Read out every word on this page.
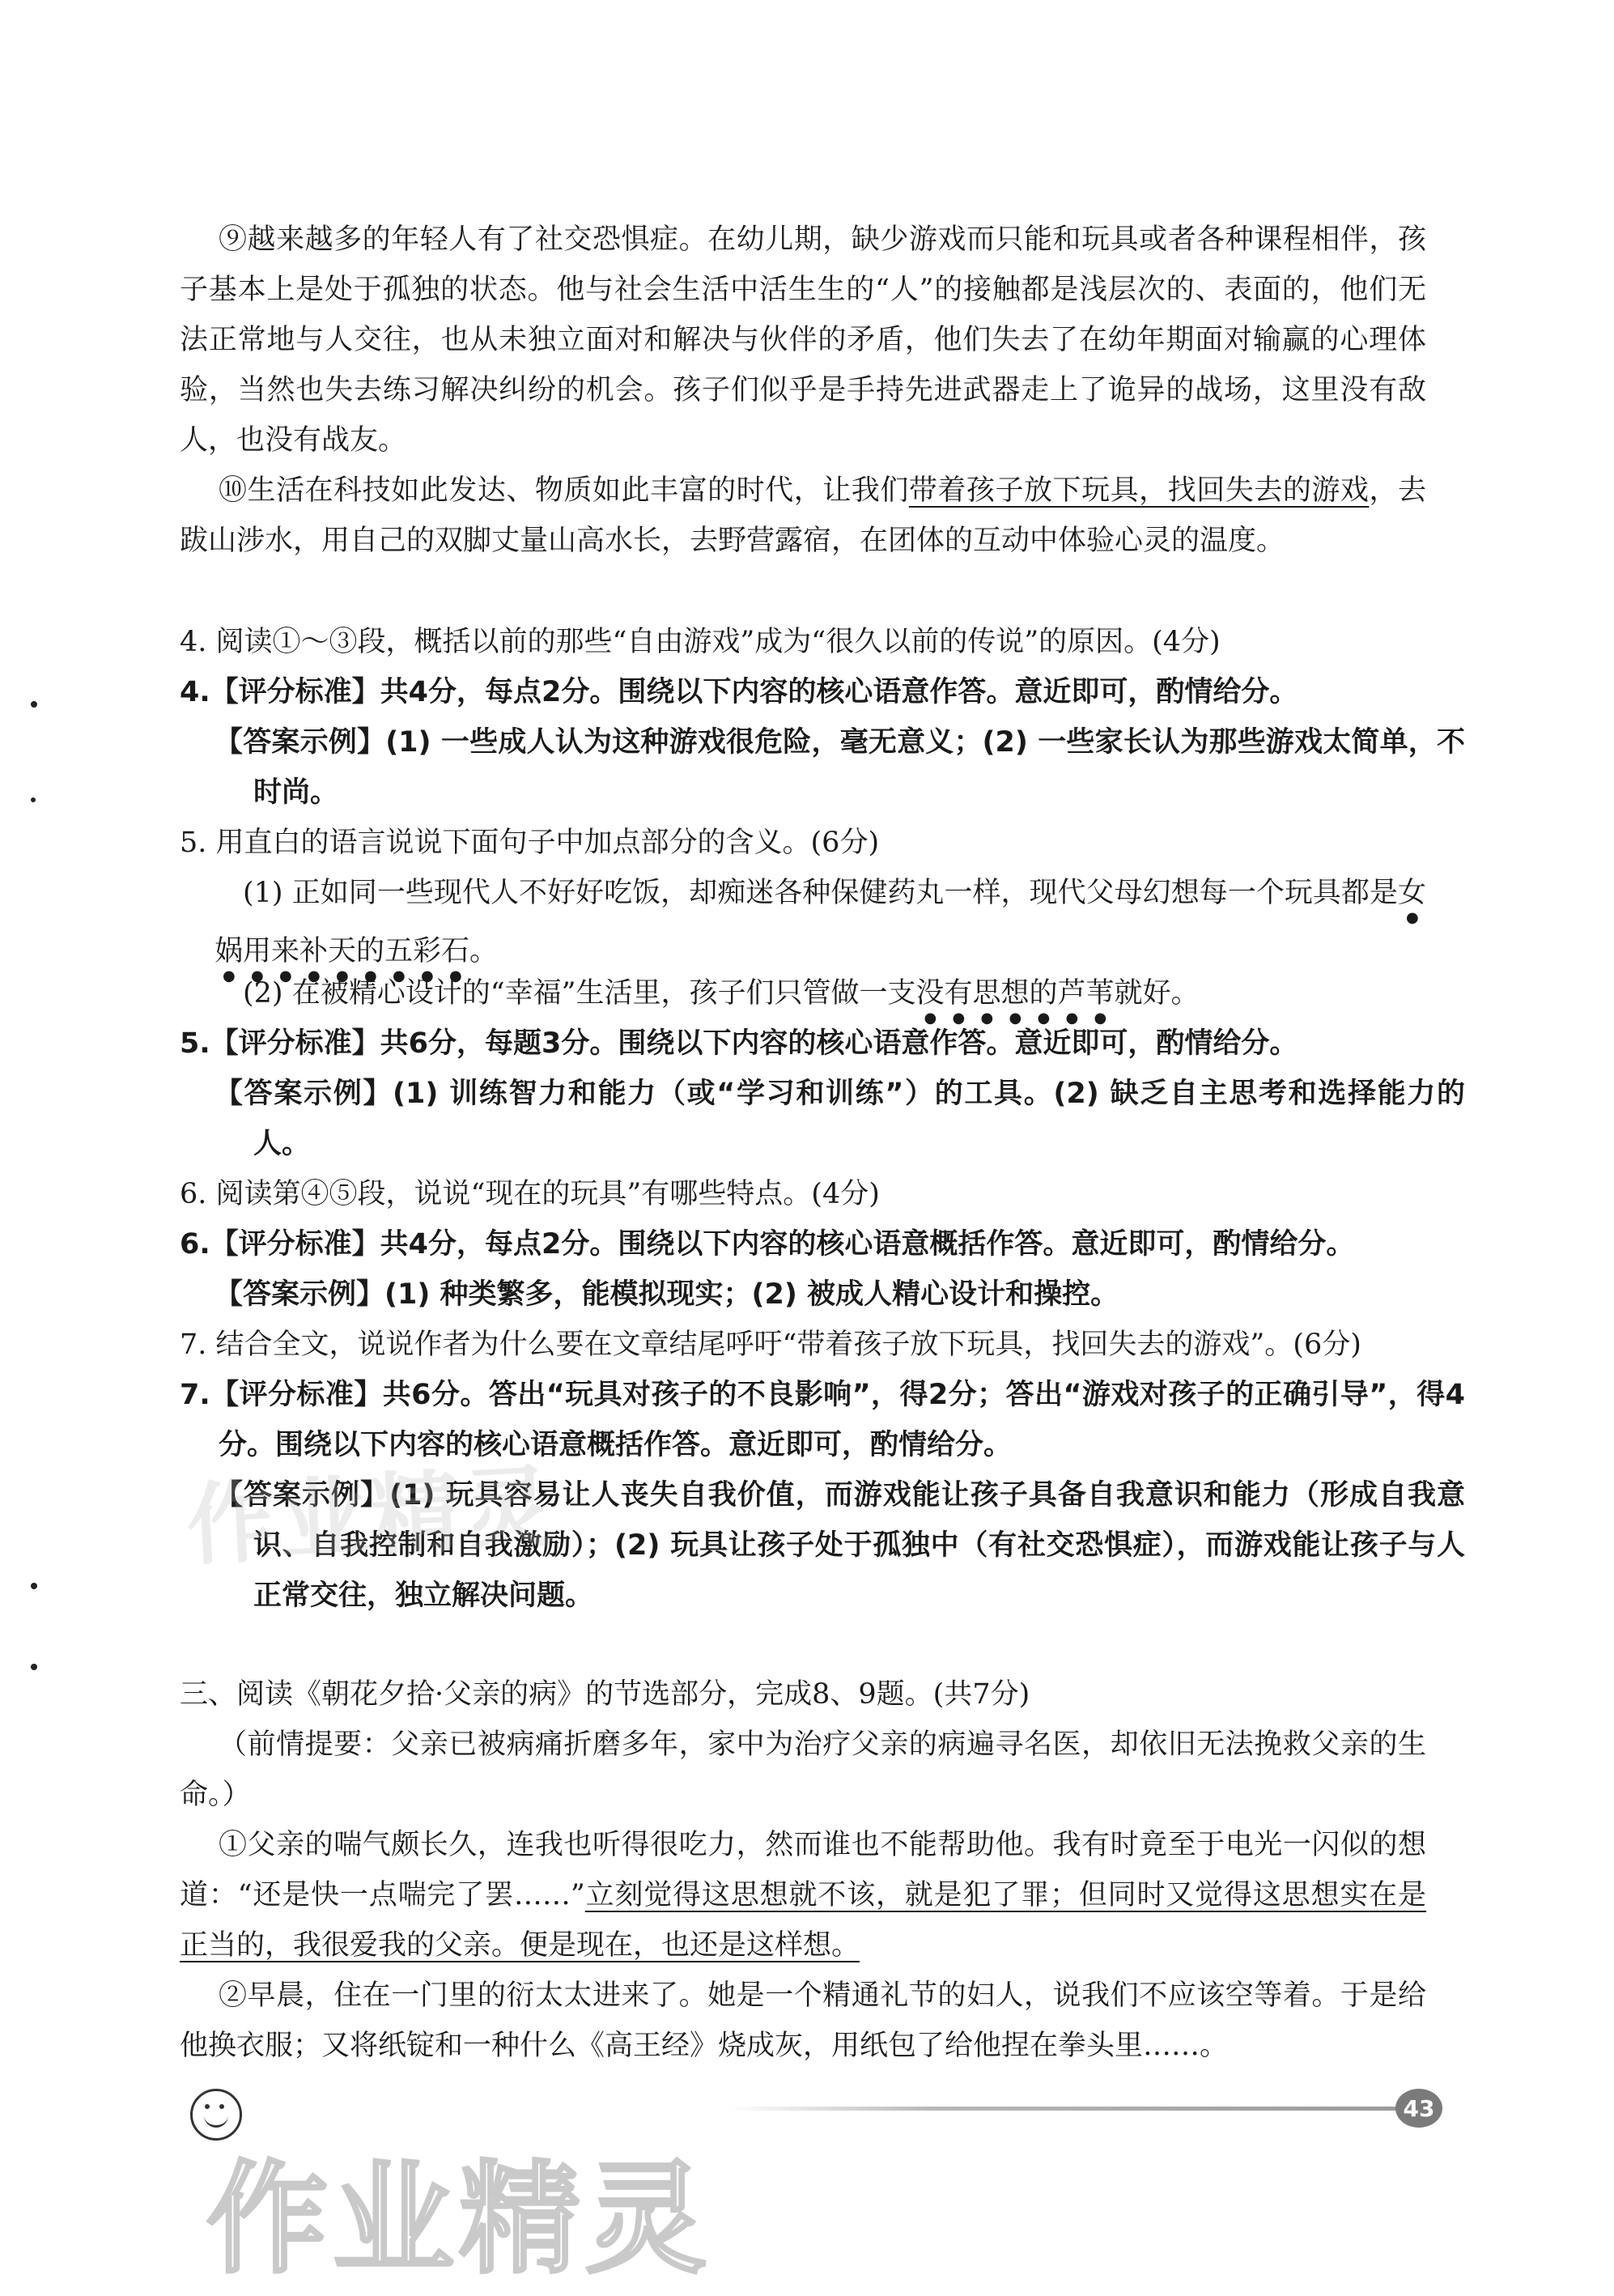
⑨越来越多的年轻人有了社交恐惧症。在幼儿期，缺少游戏而只能和玩具或者各种课程相伴，孩子基本上是处于孤独的状态。他与社会生活中活生生的“人”的接触都是浅层次的、表面的，他们无法正常地与人交往，也从未独立面对和解决与伙伴的矛盾，他们失去了在幼年期面对输赢的心理体验，当然也失去练习解决纠纷的机会。孩子们似乎是手持先进武器走上了诡异的战场，这里没有敌人，也没有战友。
⑩生活在科技如此发达、物质如此丰富的时代，让我们带着孩子放下玩具，找回失去的游戏，去跋山涉水，用自己的双脚丈量山高水长，去野营露宿，在团体的互动中体验心灵的温度。
4. 阅读①～③段，概括以前的那些“自由游戏”成为“很久以前的传说”的原因。(4分)
4.【评分标准】共4分，每点2分。围绕以下内容的核心语意作答。意近即可，酌情给分。
【答案示例】(1) 一些成人认为这种游戏很危险，毫无意义；(2) 一些家长认为那些游戏太简单，不时尚。
5. 用直白的语言说说下面句子中加点部分的含义。(6分)
(1) 正如同一些现代人不好好吃饭，却痴迷各种保健药丸一样，现代父母幻想每一个玩具都是女娲用来补天的五彩石。
(2) 在被精心设计的“幸福”生活里，孩子们只管做一支没有思想的芦苇就好。
5.【评分标准】共6分，每题3分。围绕以下内容的核心语意作答。意近即可，酌情给分。
【答案示例】(1) 训练智力和能力（或“学习和训练”）的工具。(2) 缺乏自主思考和选择能力的人。
6. 阅读第④⑤段，说说“现在的玩具”有哪些特点。(4分)
6.【评分标准】共4分，每点2分。围绕以下内容的核心语意概括作答。意近即可，酌情给分。
【答案示例】(1) 种类繁多，能模拟现实；(2) 被成人精心设计和操控。
7. 结合全文，说说作者为什么要在文章结尾呼吁“带着孩子放下玩具，找回失去的游戏”。(6分)
7.【评分标准】共6分。答出“玩具对孩子的不良影响”，得2分；答出“游戏对孩子的正确引导”，得4分。围绕以下内容的核心语意概括作答。意近即可，酌情给分。
【答案示例】(1) 玩具容易让人丧失自我价值，而游戏能让孩子具备自我意识和能力（形成自我意识、自我控制和自我激励）；(2) 玩具让孩子处于孤独中（有社交恐惧症），而游戏能让孩子与人正常交往，独立解决问题。
三、阅读《朝花夕拾·父亲的病》的节选部分，完成8、9题。(共7分)
（前情提要：父亲已被病痛折磨多年，家中为治疗父亲的病遍寻名医，却依旧无法挽救父亲的生命。）
①父亲的喘气颇长久，连我也听得很吃力，然而谁也不能帮助他。我有时竟至于电光一闪似的想道：“还是快一点喘完了罢……”立刻觉得这思想就不该，就是犯了罪；但同时又觉得这思想实在是正当的，我很爱我的父亲。便是现在，也还是这样想。
②早晨，住在一门里的衍太太进来了。她是一个精通礼节的妇人，说我们不应该空等着。于是给他换衣服；又将纸锭和一种什么《高王经》烧成灰，用纸包了给他捏在拳头里……。
作业精灵
43
作业精灵
